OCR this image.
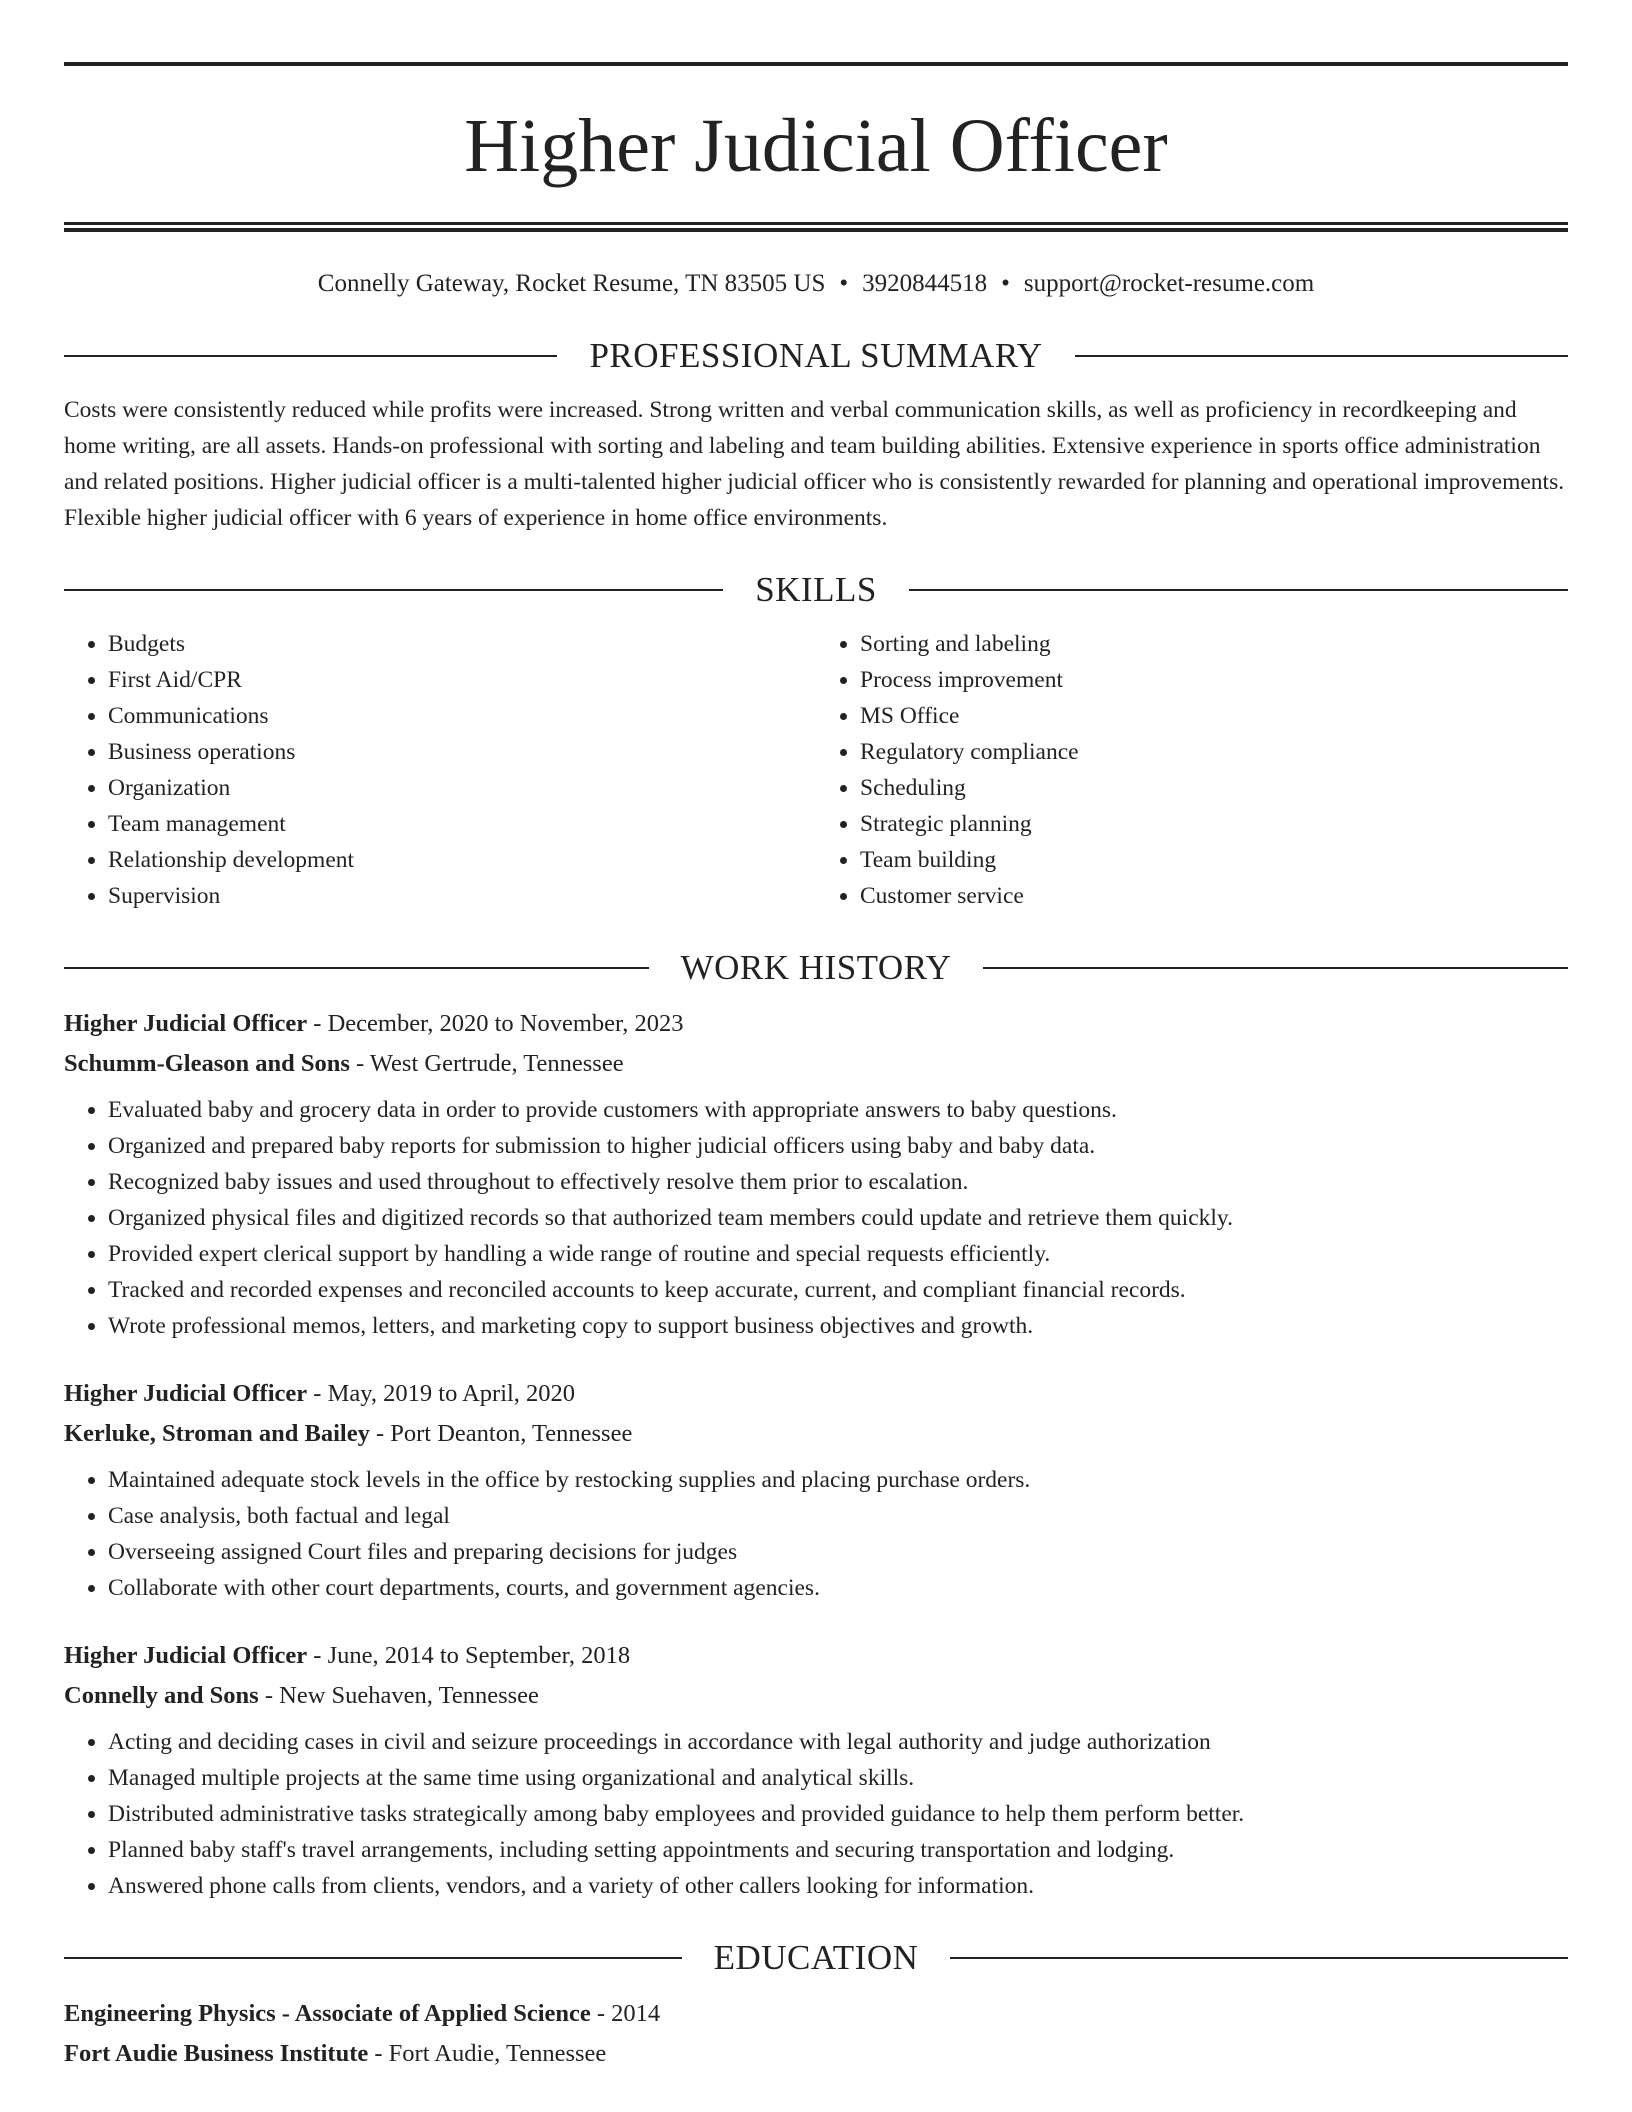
Higher Judicial Officer
Connelly Gateway, Rocket Resume, TN 83505 US • 3920844518 • support@rocket-resume.com
PROFESSIONAL SUMMARY

Costs were consistently reduced while profits were increased. Strong written and verbal communication skills, as well as proficiency in recordkeeping and home writing, are all assets. Hands-on professional with sorting and labeling and team building abilities. Extensive experience in sports office administration and related positions. Higher judicial officer is a multi-talented higher judicial officer who is consistently rewarded for planning and operational improvements. Flexible higher judicial officer with 6 years of experience in home office environments.

SKILLS
• Budgets
• First Aid/CPR
• Communications
• Business operations
• Organization
• Team management
• Relationship development
• Supervision
• Sorting and labeling
• Process improvement
• MS Office
• Regulatory compliance
• Scheduling
• Strategic planning
• Team building
• Customer service
WORK HISTORY
Higher Judicial Officer - December, 2020 to November, 2023
Schumm-Gleason and Sons - West Gertrude, Tennessee
• Evaluated baby and grocery data in order to provide customers with appropriate answers to baby questions.
• Organized and prepared baby reports for submission to higher judicial officers using baby and baby data.
• Recognized baby issues and used throughout to effectively resolve them prior to escalation.
• Organized physical files and digitized records so that authorized team members could update and retrieve them quickly.
• Provided expert clerical support by handling a wide range of routine and special requests efficiently.
• Tracked and recorded expenses and reconciled accounts to keep accurate, current, and compliant financial records.
• Wrote professional memos, letters, and marketing copy to support business objectives and growth.
Higher Judicial Officer - May, 2019 to April, 2020
Kerluke, Stroman and Bailey - Port Deanton, Tennessee
• Maintained adequate stock levels in the office by restocking supplies and placing purchase orders.
• Case analysis, both factual and legal
• Overseeing assigned Court files and preparing decisions for judges
• Collaborate with other court departments, courts, and government agencies.
Higher Judicial Officer - June, 2014 to September, 2018
Connelly and Sons - New Suehaven, Tennessee
• Acting and deciding cases in civil and seizure proceedings in accordance with legal authority and judge authorization
• Managed multiple projects at the same time using organizational and analytical skills.
• Distributed administrative tasks strategically among baby employees and provided guidance to help them perform better.
• Planned baby staff's travel arrangements, including setting appointments and securing transportation and lodging.
• Answered phone calls from clients, vendors, and a variety of other callers looking for information.
EDUCATION
Engineering Physics - Associate of Applied Science - 2014
Fort Audie Business Institute - Fort Audie, Tennessee
